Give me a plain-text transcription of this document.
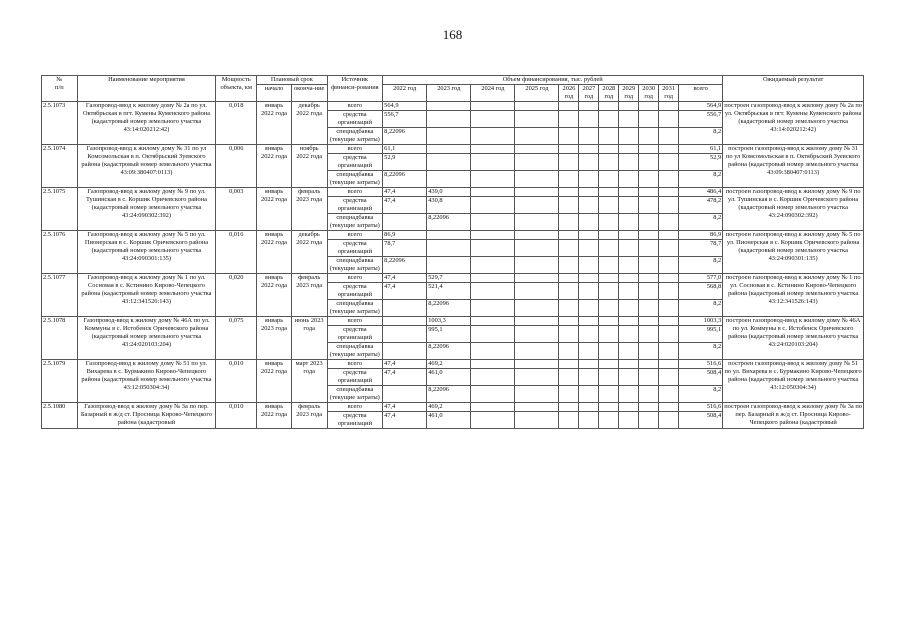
168
№
п/п	Наименование мероприятия	Мощность объекта, км	Плановый срок		Источник финанси-рования	Объем финансирования, тыс. рублей											Ожидаемый результат
			начало	оконча-ние		2022 год	2023 год	2024 год	2025 год	2026 год	2027 год	2028 год	2029 год	2030 год	2031 год	всего	

2.5.1073	Газопровод-ввод к жилому дому № 2а по ул. Октябрьская в пгт. Кумены Куменского района (кадастровый номер земельного участка 43:14:020212:42)	0,018	январь 2022 года	декабрь 2022 года	всего	564,9										564,9	построен газопровод-ввод к жилому дому № 2а по ул. Октябрьская в пгт. Кумены Куменского района (кадастровый номер земельного участка 43:14:020212:42)
					средства организаций	556,7										556,7	
					спецнадбавка (текущие затраты)	8,22096										8,2	
2.5.1074	Газопровод-ввод к жилому дому № 31 по ул Комсомольская в п. Октябрьский Зуевского района (кадастровый номер земельного участка 43:09:380407:0113)	0,006	январь 2022 года	ноябрь 2022 года	всего	61,1										61,1	построен газопровод-ввод к жилому дому № 31 по ул Комсомольская в п. Октябрьский Зуевского района (кадастровый номер земельного участка 43:09:380407:0113)
					средства организаций	52,9										52,9	
					спецнадбавка (текущие затраты)	8,22096										8,2	
2.5.1075	Газопровод-ввод к жилому дому № 9 по ул. Тушинская в с. Коршик Оричевского района (кадастровый номер земельного участка 43:24:090302:392)	0,003	январь 2022 года	февраль 2023 года	всего	47,4	439,0									486,4	построен газопровод-ввод к жилому дому № 9 по ул. Тушинская в с. Коршик Оричевского района (кадастровый номер земельного участка 43:24:090302:392)
					средства организаций	47,4	430,8									478,2	
					спецнадбавка (текущие затраты)		8,22096									8,2	
2.5.1076	Газопровод-ввод к жилому дому № 5 по ул. Пионерская в с. Коршик Оричевского района (кадастровый номер земельного участка 43:24:090301:135)	0,016	январь 2022 года	декабрь 2022 года	всего	86,9										86,9	построен газопровод-ввод к жилому дому № 5 по ул. Пионерская в с. Коршик Оричевского района (кадастровый номер земельного участка 43:24:090301:135)
					средства организаций	78,7										78,7	
					спецнадбавка (текущие затраты)	8,22096										8,2	
2.5.1077	Газопровод-ввод к жилому дому № 1 по ул. Сосновая в с. Кстинино Кирово-Чепецкого района (кадастровый номер земельного участка 43:12:341526:143)	0,020	январь 2022 года	февраль 2023 года	всего	47,4	529,7									577,0	построен газопровод-ввод к жилому дому № 1 по ул. Сосновая в с. Кстинино Кирово-Чепецкого района (кадастровый номер земельного участка 43:12:341526:143)
					средства организаций	47,4	521,4									568,8	
					спецнадбавка (текущие затраты)		8,22096									8,2	
2.5.1078	Газопровод-ввод к жилому дому № 46А по ул. Коммуны в с. Истобенск Оричевского района (кадастровый номер земельного участка 43:24:020103:204)	0,075	январь 2023 года	июнь 2023 года	всего		1003,3									1003,3	построен газопровод-ввод к жилому дому № 46А по ул. Коммуны в с. Истобенск Оричевского района (кадастровый номер земельного участка 43:24:020103:204)
					средства организаций		995,1									995,1	
					спецнадбавка (текущие затраты)		8,22096									8,2	
2.5.1079	Газопровод-ввод к жилому дому № 51 по ул. Вихарева в с. Бурмакино Кирово-Чепецкого района (кадастровый номер земельного участка 43:12:050304:34)	0,010	январь 2022 года	март 2023 года	всего	47,4	469,2									516,6	построен газопровод-ввод к жилому дому № 51 по ул. Вихарева в с. Бурмакино Кирово-Чепецкого района (кадастровый номер земельного участка 43:12:050304:34)
					средства организаций	47,4	461,0									508,4	
					спецнадбавка (текущие затраты)		8,22096									8,2	
2.5.1080	Газопровод-ввод к жилому дому № 3а по пер. Базарный в ж/д ст. Просница Кирово-Чепецкого района (кадастровый	0,010	январь 2022 года	февраль 2023 года	всего	47,4	469,2									516,6	построен газопровод-ввод к жилому дому № 3а по пер. Базарный в ж/д ст. Просница Кирово-Чепецкого района (кадастровый
					средства организаций	47,4	461,0									508,4	
